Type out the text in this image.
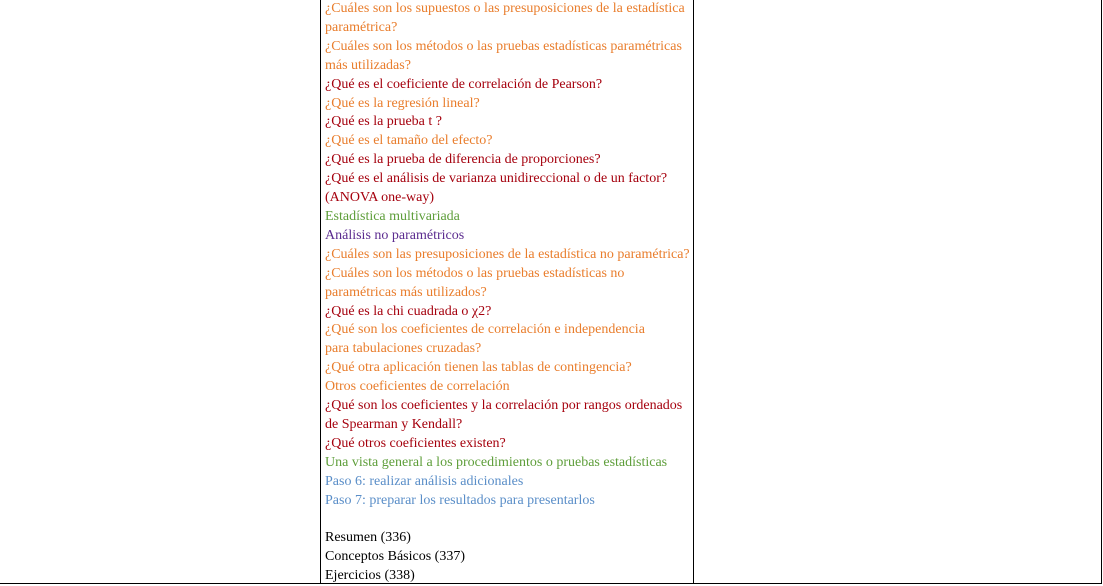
¿Cuáles son los supuestos o las presuposiciones de la estadística
paramétrica?
¿Cuáles son los métodos o las pruebas estadísticas paramétricas
más utilizadas?
¿Qué es el coeficiente de correlación de Pearson?
¿Qué es la regresión lineal?
¿Qué es la prueba t ?
¿Qué es el tamaño del efecto?
¿Qué es la prueba de diferencia de proporciones?
¿Qué es el análisis de varianza unidireccional o de un factor?
(ANOVA one-way)
Estadística multivariada
Análisis no paramétricos
¿Cuáles son las presuposiciones de la estadística no paramétrica?
¿Cuáles son los métodos o las pruebas estadísticas no
paramétricas más utilizados?
¿Qué es la chi cuadrada o χ2?
¿Qué son los coeficientes de correlación e independencia
para tabulaciones cruzadas?
¿Qué otra aplicación tienen las tablas de contingencia?
Otros coeficientes de correlación
¿Qué son los coeficientes y la correlación por rangos ordenados
de Spearman y Kendall?
¿Qué otros coeficientes existen?
Una vista general a los procedimientos o pruebas estadísticas
Paso 6: realizar análisis adicionales
Paso 7: preparar los resultados para presentarlos
Resumen (336)
Conceptos Básicos (337)
Ejercicios (338)
